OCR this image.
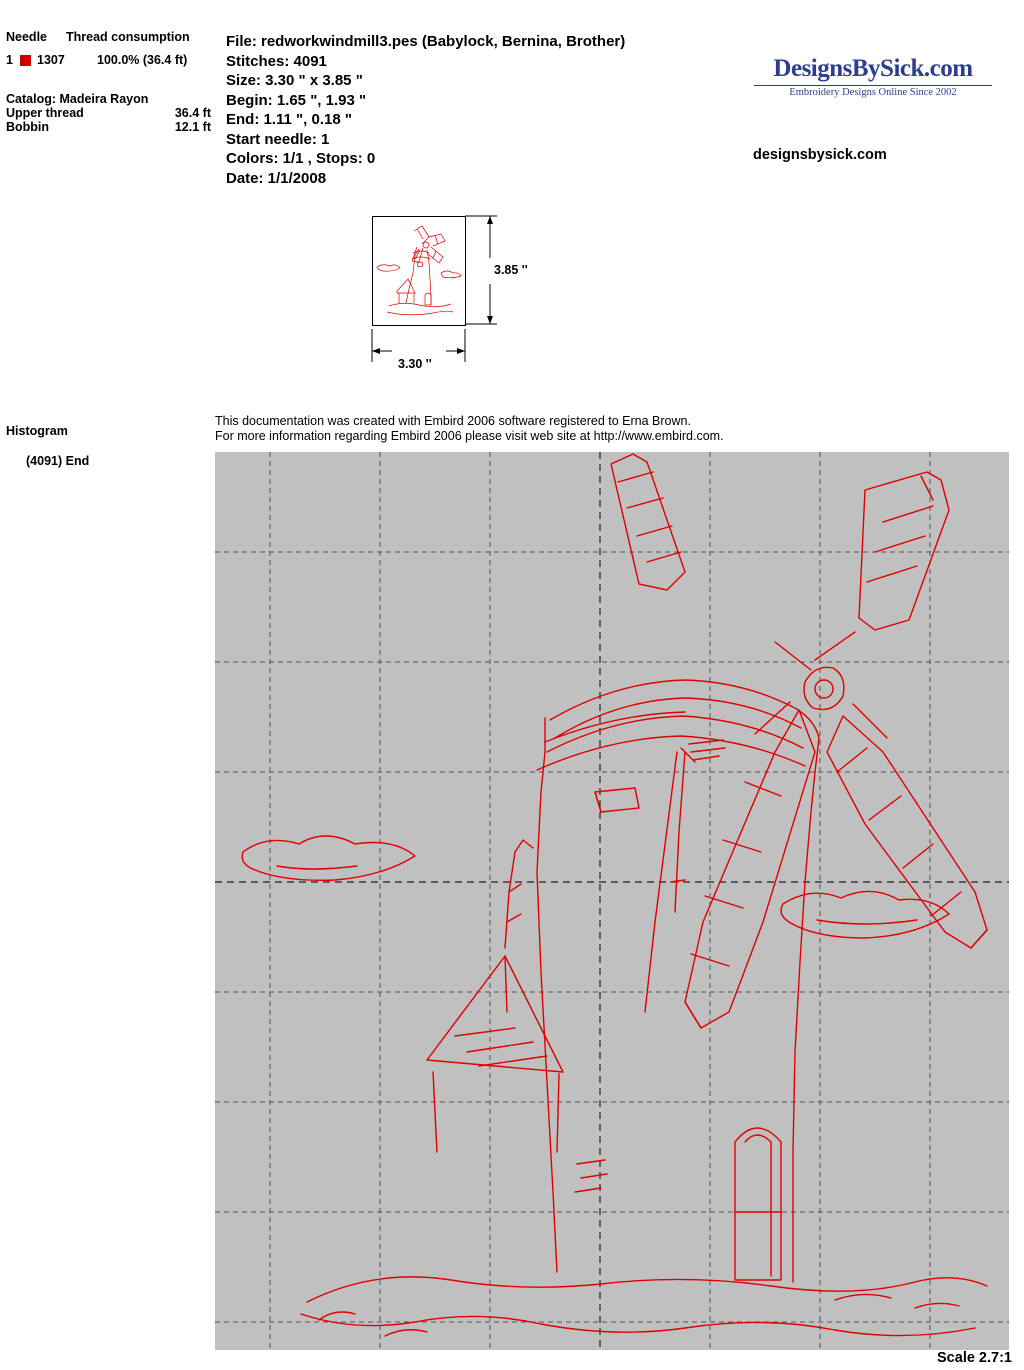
Needle Thread consumption
1	1307	100.0% (36.4 ft)
Catalog: Madeira Rayon
Upper thread	36.4 ft
Bobbin	12.1 ft
Histogram
(4091) End
File: redworkwindmill3.pes (Babylock, Bernina, Brother)
Stitches: 4091
Size: 3.30 " x 3.85 "
Begin: 1.65 ", 1.93 "
End: 1.11 ", 0.18 "
Start needle: 1
Colors: 1/1 , Stops: 0
Date: 1/1/2008
DesignsBySick.com
Embroidery Designs Online Since 2002
designsbysick.com
3.30 ''
3.85 ''
This documentation was created with Embird 2006 software registered to Erna Brown.
For more information regarding Embird 2006 please visit web site at http://www.embird.com.
Scale 2.7:1
